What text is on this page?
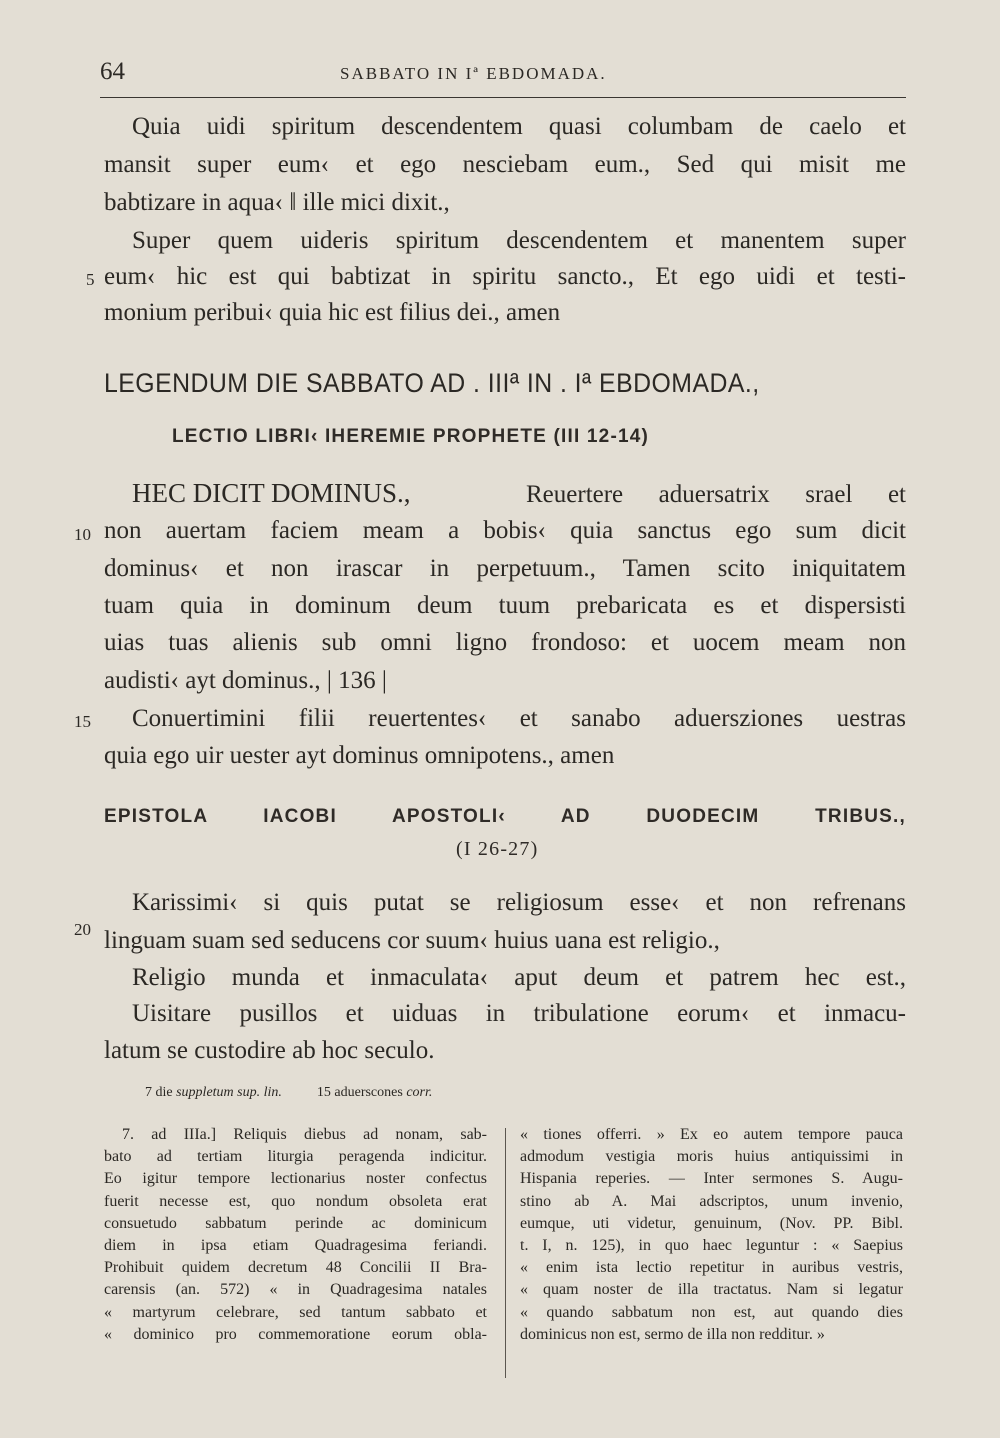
64	SABBATO IN Iª EBDOMADA.
Quia uidi spiritum descendentem quasi columbam de caelo et
mansit super eum‹ et ego nesciebam eum., Sed qui misit me
babtizare in aqua‹ ‖ ille mici dixit.,
Super quem uideris spiritum descendentem et manentem super
5 eum‹ hic est qui babtizat in spiritu sancto., Et ego uidi et testi-
monium peribui‹ quia hic est filius dei., amen
LEGENDUM DIE SABBATO AD . IIIª IN . Iª EBDOMADA.,
LECTIO LIBRI‹ IHEREMIE PROPHETE (III 12-14)
HEC DICIT DOMINUS.,	Reuertere aduersatrix srael et
10 non auertam faciem meam a bobis‹ quia sanctus ego sum dicit
dominus‹ et non irascar in perpetuum., Tamen scito iniquitatem
tuam quia in dominum deum tuum prebaricata es et dispersisti
uias tuas alienis sub omni ligno frondoso: et uocem meam non
audisti‹ ayt dominus., | 136 |
15 Conuertimini filii reuertentes‹ et sanabo aduersziones uestras
quia ego uir uester ayt dominus omnipotens., amen
EPISTOLA IACOBI APOSTOLI‹ AD DUODECIM TRIBUS.,
(I 26-27)
Karissimi‹ si quis putat se religiosum esse‹ et non refrenans
20 linguam suam sed seducens cor suum‹ huius uana est religio.,
Religio munda et inmaculata‹ aput deum et patrem hec est.,
Uisitare pusillos et uiduas in tribulatione eorum‹ et inmacu-
latum se custodire ab hoc seculo.
7 die suppletum sup. lin.	15 aduerscones corr.
7. ad IIIa.] Reliquis diebus ad nonam, sab-
bato ad tertiam liturgia peragenda indicitur.
Eo igitur tempore lectionarius noster confectus
fuerit necesse est, quo nondum obsoleta erat
consuetudo sabbatum perinde ac dominicum
diem in ipsa etiam Quadragesima feriandi.
Prohibuit quidem decretum 48 Concilii II Bra-
carensis (an. 572) « in Quadragesima natales
« martyrum celebrare, sed tantum sabbato et
« dominico pro commemoratione eorum obla-
« tiones offerri. » Ex eo autem tempore pauca
admodum vestigia moris huius antiquissimi in
Hispania reperies. — Inter sermones S. Augu-
stino ab A. Mai adscriptos, unum invenio,
eumque, uti videtur, genuinum, (Nov. PP. Bibl.
t. I, n. 125), in quo haec leguntur : « Saepius
« enim ista lectio repetitur in auribus vestris,
« quam noster de illa tractatus. Nam si legatur
« quando sabbatum non est, aut quando dies
dominicus non est, sermo de illa non redditur. »
